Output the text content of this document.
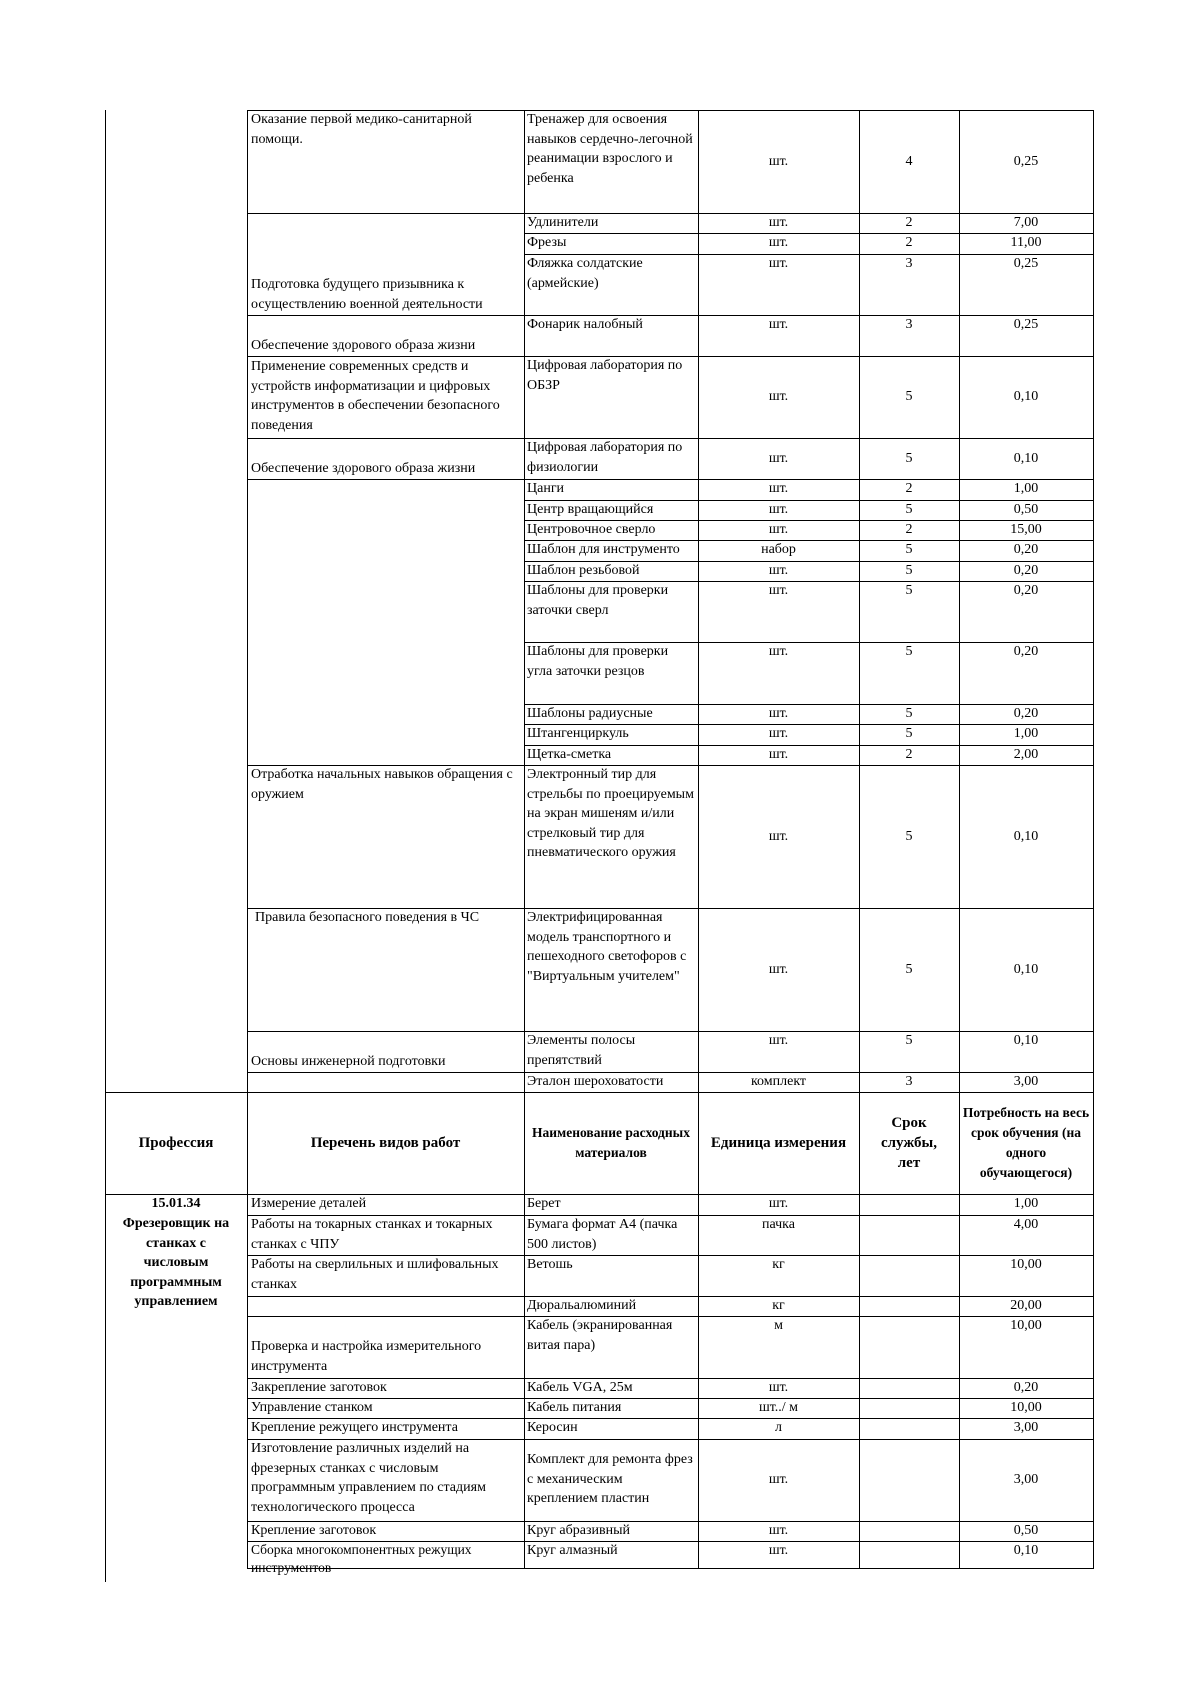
Оказание первой медико-санитарной помощи.
Подготовка будущего призывника к осуществлению военной деятельности
Обеспечение здорового образа жизни
Применение современных средств и устройств информатизации и цифровых инструментов в обеспечении безопасного поведения
Обеспечение здорового образа жизни
Отработка начальных навыков обращения с оружием
Правила безопасного поведения в ЧС
Основы инженерной подготовки
Тренажер для освоения навыков сердечно-легочной реанимации взрослого и ребенка
Удлинители
Фрезы
Фляжка солдатские (армейские)
Фонарик налобный
Цифровая лаборатория по ОБЗР
Цифровая лаборатория по физиологии
Цанги
Центр вращающийся
Центровочное сверло
Шаблон для инструменто
Шаблон резьбовой
Шаблоны для проверки заточки сверл
Шаблоны для проверки угла заточки резцов
Шаблоны радиусные
Штангенциркуль
Щетка-сметка
Электронный тир для стрельбы по проецируемым на экран мишеням и/или стрелковый тир для пневматического оружия
Электрифицированная модель транспортного и пешеходного светофоров с "Виртуальным учителем"
Элементы полосы препятствий
Эталон шероховатости
шт.
шт.
шт.
шт.
шт.
шт.
шт.
шт.
шт.
шт.
набор
шт.
шт.
шт.
шт.
шт.
шт.
шт.
шт.
шт.
комплект
4
2
2
3
3
5
5
2
5
2
5
5
5
5
5
5
2
5
5
5
3
0,25
7,00
11,00
0,25
0,25
0,10
0,10
1,00
0,50
15,00
0,20
0,20
0,20
0,20
0,20
1,00
2,00
0,10
0,10
0,10
3,00
Профессия	Перечень видов работ
Наименование расходных материалов
Единица измерения
Срок службы, лет
Потребность на весь срок обучения (на одного обучающегося)
15.01.34
Фрезеровщик на станках с числовым программным управлением
Измерение деталей
Работы на токарных станках и токарных станках с ЧПУ
Работы на сверлильных и шлифовальных станках
Проверка и настройка измерительного инструмента
Закрепление заготовок
Управление станком
Крепление режущего инструмента
Изготовление различных изделий на фрезерных станках с числовым программным управлением по стадиям технологического процесса
Крепление заготовок
Сборка многокомпонентных режущих инструментов
Берет
Бумага формат А4 (пачка 500 листов)
Ветошь
Дюральалюминий
Кабель (экранированная витая пара)
Кабель VGA, 25м
Кабель питания
Керосин
Комплект для ремонта фрез с механическим креплением пластин
Круг абразивный
Круг алмазный
шт.
пачка
кг
кг
м
шт.
шт../ м
л
шт.
шт.
шт.
1,00
4,00
10,00
20,00
10,00
0,20
10,00
3,00
3,00
0,50
0,10
